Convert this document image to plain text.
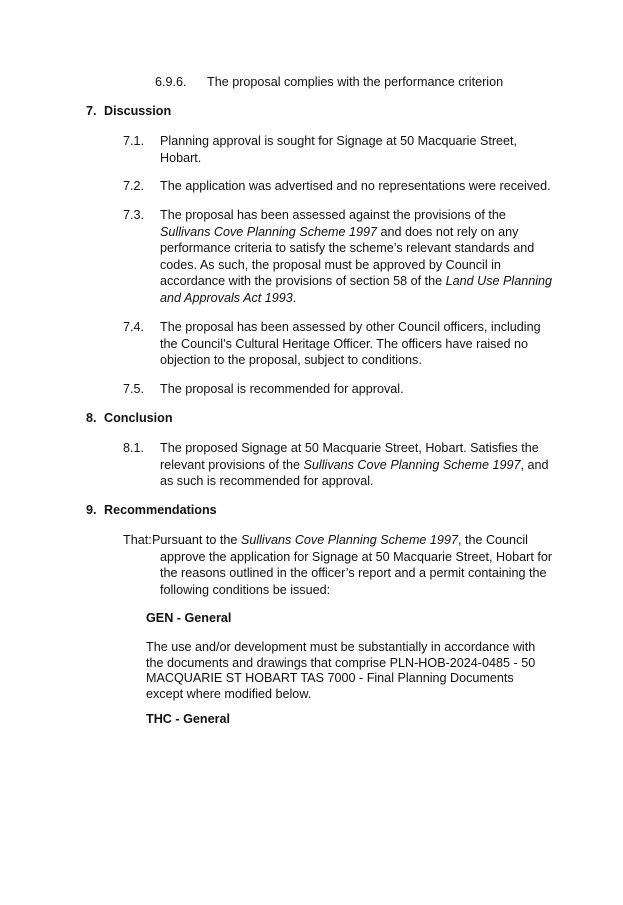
6.9.6. The proposal complies with the performance criterion
7. Discussion
7.1. Planning approval is sought for Signage at 50 Macquarie Street, Hobart.
7.2. The application was advertised and no representations were received.
7.3. The proposal has been assessed against the provisions of the Sullivans Cove Planning Scheme 1997 and does not rely on any performance criteria to satisfy the scheme’s relevant standards and codes. As such, the proposal must be approved by Council in accordance with the provisions of section 58 of the Land Use Planning and Approvals Act 1993.
7.4. The proposal has been assessed by other Council officers, including the Council’s Cultural Heritage Officer. The officers have raised no objection to the proposal, subject to conditions.
7.5. The proposal is recommended for approval.
8. Conclusion
8.1. The proposed Signage at 50 Macquarie Street, Hobart. Satisfies the relevant provisions of the Sullivans Cove Planning Scheme 1997, and as such is recommended for approval.
9. Recommendations
That: Pursuant to the Sullivans Cove Planning Scheme 1997, the Council approve the application for Signage at 50 Macquarie Street, Hobart for the reasons outlined in the officer’s report and a permit containing the following conditions be issued:
GEN - General
The use and/or development must be substantially in accordance with the documents and drawings that comprise PLN-HOB-2024-0485 - 50 MACQUARIE ST HOBART TAS 7000 - Final Planning Documents except where modified below.
THC - General
